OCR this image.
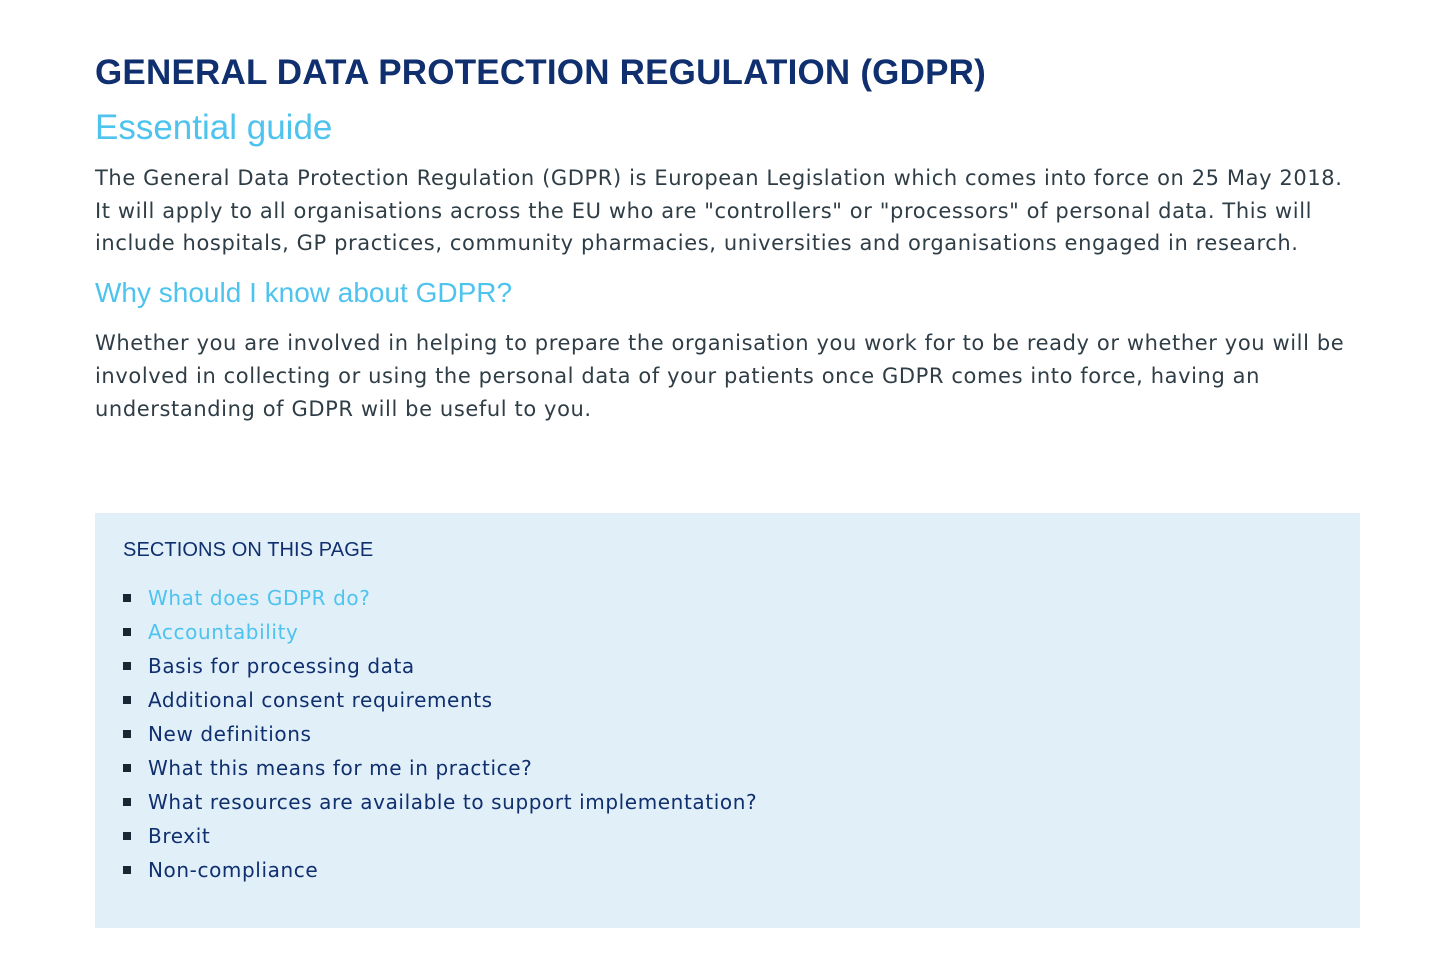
GENERAL DATA PROTECTION REGULATION (GDPR)
Essential guide

The General Data Protection Regulation (GDPR) is European Legislation which comes into force on 25 May 2018. It will apply to all organisations across the EU who are "controllers" or "processors" of personal data. This will include hospitals, GP practices, community pharmacies, universities and organisations engaged in research.

Why should I know about GDPR?

Whether you are involved in helping to prepare the organisation you work for to be ready or whether you will be involved in collecting or using the personal data of your patients once GDPR comes into force, having an understanding of GDPR will be useful to you.

SECTIONS ON THIS PAGE
What does GDPR do?
Accountability
Basis for processing data
Additional consent requirements
New definitions
What this means for me in practice?
What resources are available to support implementation?
Brexit
Non-compliance
